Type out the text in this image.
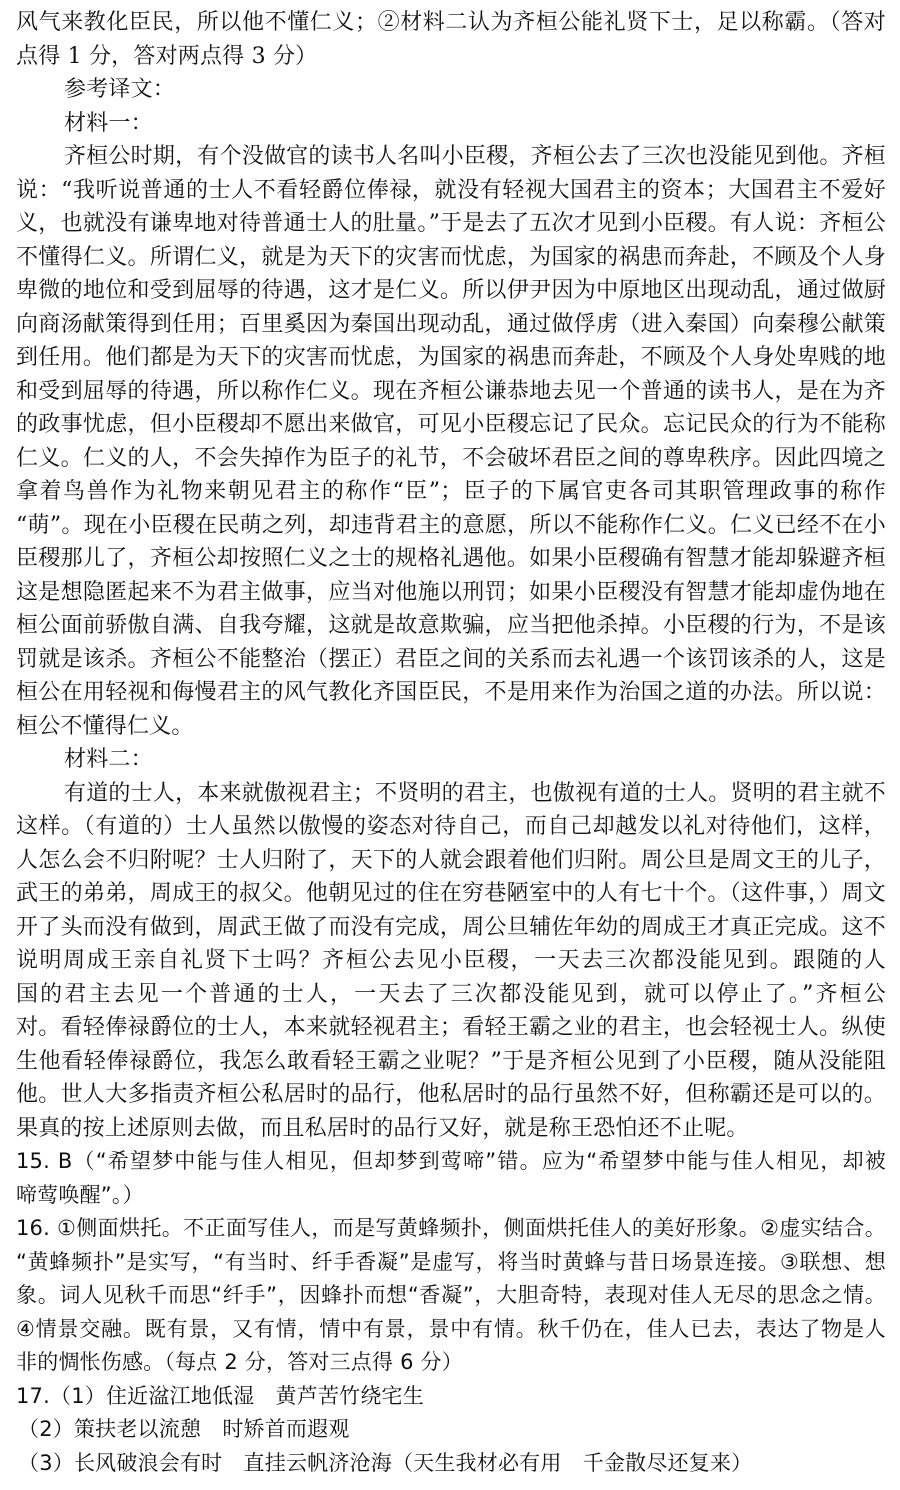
风气来教化臣民，所以他不懂仁义；②材料二认为齐桓公能礼贤下士，足以称霸。（答对
点得 1 分，答对两点得 3 分）
参考译文：
材料一：
齐桓公时期，有个没做官的读书人名叫小臣稷，齐桓公去了三次也没能见到他。齐桓
说：“我听说普通的士人不看轻爵位俸禄，就没有轻视大国君主的资本；大国君主不爱好
义，也就没有谦卑地对待普通士人的肚量。”于是去了五次才见到小臣稷。有人说：齐桓公
不懂得仁义。所谓仁义，就是为天下的灾害而忧虑，为国家的祸患而奔赴，不顾及个人身
卑微的地位和受到屈辱的待遇，这才是仁义。所以伊尹因为中原地区出现动乱，通过做厨
向商汤献策得到任用；百里奚因为秦国出现动乱，通过做俘虏（进入秦国）向秦穆公献策
到任用。他们都是为天下的灾害而忧虑，为国家的祸患而奔赴，不顾及个人身处卑贱的地
和受到屈辱的待遇，所以称作仁义。现在齐桓公谦恭地去见一个普通的读书人，是在为齐
的政事忧虑，但小臣稷却不愿出来做官，可见小臣稷忘记了民众。忘记民众的行为不能称
仁义。仁义的人，不会失掉作为臣子的礼节，不会破坏君臣之间的尊卑秩序。因此四境之
拿着鸟兽作为礼物来朝见君主的称作“臣”；臣子的下属官吏各司其职管理政事的称作
“萌”。现在小臣稷在民萌之列，却违背君主的意愿，所以不能称作仁义。仁义已经不在小
臣稷那儿了，齐桓公却按照仁义之士的规格礼遇他。如果小臣稷确有智慧才能却躲避齐桓
这是想隐匿起来不为君主做事，应当对他施以刑罚；如果小臣稷没有智慧才能却虚伪地在
桓公面前骄傲自满、自我夸耀，这就是故意欺骗，应当把他杀掉。小臣稷的行为，不是该
罚就是该杀。齐桓公不能整治（摆正）君臣之间的关系而去礼遇一个该罚该杀的人，这是
桓公在用轻视和侮慢君主的风气教化齐国臣民，不是用来作为治国之道的办法。所以说：
桓公不懂得仁义。
材料二：
有道的士人，本来就傲视君主；不贤明的君主，也傲视有道的士人。贤明的君主就不
这样。（有道的）士人虽然以傲慢的姿态对待自己，而自己却越发以礼对待他们，这样，
人怎么会不归附呢？士人归附了，天下的人就会跟着他们归附。周公旦是周文王的儿子，
武王的弟弟，周成王的叔父。他朝见过的住在穷巷陋室中的人有七十个。（这件事，）周文
开了头而没有做到，周武王做了而没有完成，周公旦辅佐年幼的周成王才真正完成。这不
说明周成王亲自礼贤下士吗？齐桓公去见小臣稷，一天去三次都没能见到。跟随的人
国的君主去见一个普通的士人，一天去了三次都没能见到，就可以停止了。”齐桓公
对。看轻俸禄爵位的士人，本来就轻视君主；看轻王霸之业的君主，也会轻视士人。纵使
生他看轻俸禄爵位，我怎么敢看轻王霸之业呢？”于是齐桓公见到了小臣稷，随从没能阻
他。世人大多指责齐桓公私居时的品行，他私居时的品行虽然不好，但称霸还是可以的。
果真的按上述原则去做，而且私居时的品行又好，就是称王恐怕还不止呢。
15. B（“希望梦中能与佳人相见，但却梦到莺啼”错。应为“希望梦中能与佳人相见，却被
啼莺唤醒”。）
16. ①侧面烘托。不正面写佳人，而是写黄蜂频扑，侧面烘托佳人的美好形象。②虚实结合。
“黄蜂频扑”是实写，“有当时、纤手香凝”是虚写，将当时黄蜂与昔日场景连接。③联想、想
象。词人见秋千而思“纤手”，因蜂扑而想“香凝”，大胆奇特，表现对佳人无尽的思念之情。
④情景交融。既有景，又有情，情中有景，景中有情。秋千仍在，佳人已去，表达了物是人
非的惆怅伤感。（每点 2 分，答对三点得 6 分）
17.（1）住近湓江地低湿　黄芦苦竹绕宅生
（2）策扶老以流憩　时矫首而遐观
（3）长风破浪会有时　直挂云帆济沧海（天生我材必有用　千金散尽还复来）
